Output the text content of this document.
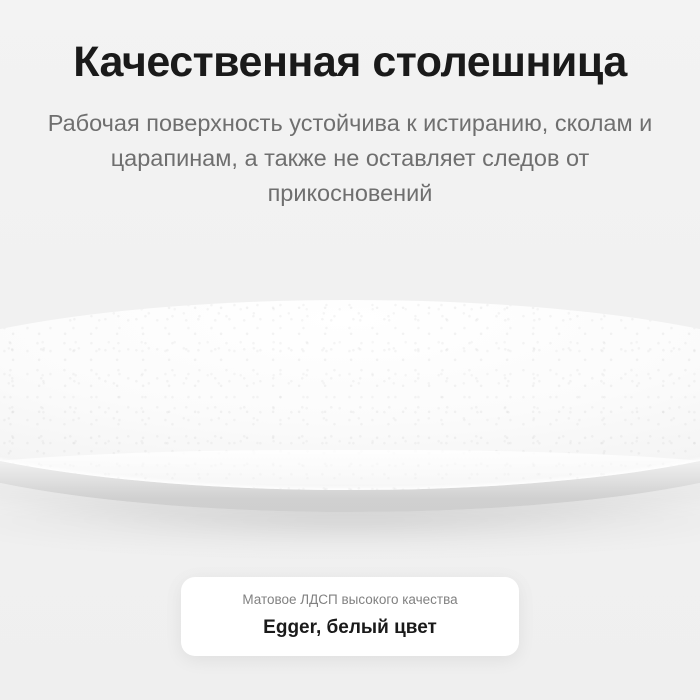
Качественная столешница

Рабочая поверхность устойчива к истиранию, сколам и царапинам, а также не оставляет следов от прикосновений

Матовое ЛДСП высокого качества

Egger, белый цвет
